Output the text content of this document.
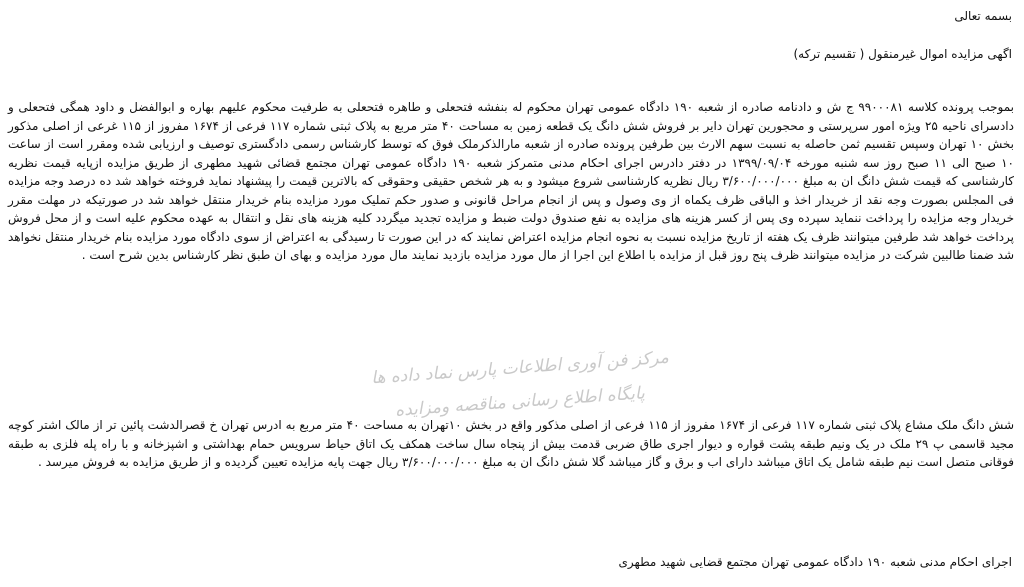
بسمه تعالی
اگهی مزایده اموال غیرمنقول ( تقسیم ترکه)
بموجب پرونده کلاسه ۹۹۰۰۰۸۱ ج ش و دادنامه صادره از شعبه ۱۹۰ دادگاه عمومی تهران محکوم له بنفشه فتحعلی و طاهره فتحعلی به طرفیت محکوم علیهم بهاره و ابوالفضل و داود همگی فتحعلی و دادسرای ناحیه ۲۵ ویژه امور سرپرستی و محجورین تهران دایر بر فروش شش دانگ یک قطعه زمین به مساحت ۴۰ متر مربع به پلاک ثبتی شماره ۱۱۷ فرعی از ۱۶۷۴ مفروز از ۱۱۵ غرعی از اصلی مذکور بخش ۱۰ تهران وسپس تقسیم ثمن حاصله به نسبت سهم الارث بین طرفین پرونده صادره از شعبه مارالذکرملک فوق که توسط کارشناس رسمی دادگستری توصیف و ارزیابی شده ومقرر است از ساعت ۱۰ صبح الی ۱۱ صبح روز سه شنبه مورخه ۱۳۹۹/۰۹/۰۴ در دفتر دادرس اجرای احکام مدنی متمرکز شعبه ۱۹۰ دادگاه عمومی تهران مجتمع قضائی شهید مطهری از طریق مزایده ازپایه قیمت نظریه کارشناسی که قیمت شش دانگ ان به مبلغ ۳/۶۰۰/۰۰۰/۰۰۰ ریال نظریه کارشناسی شروع میشود و به هر شخص حقیقی وحقوقی که بالاترین قیمت را پیشنهاد نماید فروخته خواهد شد ده درصد وجه مزایده فی المجلس بصورت وجه نقد از خریدار اخذ و الباقی ظرف یکماه از وی وصول و پس از انجام مراحل قانونی و صدور حکم تملیک مورد مزایده بنام خریدار منتقل خواهد شد در صورتیکه در مهلت مقرر خریدار وجه مزایده را پرداخت ننماید سپرده وی پس از کسر هزینه های مزایده به نفع صندوق دولت ضبط و مزایده تجدید میگردد کلیه هزینه های نقل و انتقال به عهده محکوم علیه است و از محل فروش پرداخت خواهد شد طرفین میتوانند ظرف یک هفته از تاریخ مزایده نسبت به نحوه انجام مزایده اعتراض نمایند که در این صورت تا رسیدگی به اعتراض از سوی دادگاه مورد مزایده بنام خریدار منتقل نخواهد شد ضمنا طالبین شرکت در مزایده میتوانند ظرف پنج روز قبل از مزایده با اطلاع این اجرا از مال مورد مزایده بازدید نمایند مال مورد مزایده و بهای ان طبق نظر کارشناس بدین شرح است .
مرکز فن آوری اطلاعات پارس نماد داده ها
پایگاه اطلاع رسانی مناقصه ومزایده
شش دانگ ملک مشاع پلاک ثبتی شماره ۱۱۷ فرعی از ۱۶۷۴ مفروز از ۱۱۵ فرعی از اصلی مذکور واقع در بخش ۱۰تهران به مساحت ۴۰ متر مربع به ادرس تهران خ قصرالدشت پائین تر از مالک اشتر کوچه مجید قاسمی پ ۲۹ ملک در یک ونیم طبقه پشت قواره و دیوار اجری طاق ضربی قدمت بیش از پنجاه سال ساخت همکف یک اتاق حیاط سرویس حمام بهداشتی و اشپزخانه و با راه پله فلزی به طبقه فوقانی متصل است نیم طبقه شامل یک اتاق میباشد دارای اب و برق و گاز میباشد گلا شش دانگ ان به مبلغ ۳/۶۰۰/۰۰۰/۰۰۰ ریال جهت پایه مزایده تعیین گردیده و از طریق مزایده به فروش میرسد .
اجرای احکام مدنی شعبه ۱۹۰ دادگاه عمومی تهران مجتمع قضایی شهید مطهری
